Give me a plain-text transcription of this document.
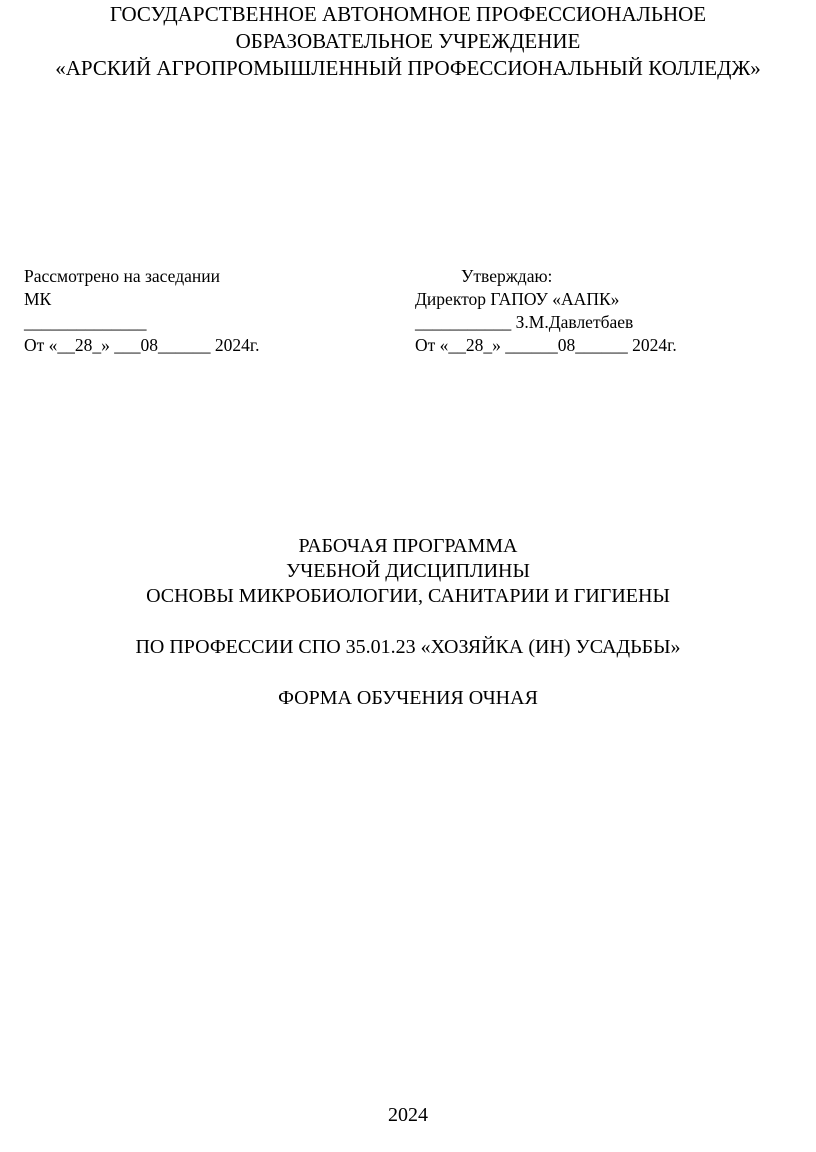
ГОСУДАРСТВЕННОЕ АВТОНОМНОЕ ПРОФЕССИОНАЛЬНОЕ
ОБРАЗОВАТЕЛЬНОЕ УЧРЕЖДЕНИЕ
«АРСКИЙ АГРОПРОМЫШЛЕННЫЙ ПРОФЕССИОНАЛЬНЫЙ КОЛЛЕДЖ»
Рассмотрено на заседании
МК
______________
От «__28_» ___08______ 2024г.
Утверждаю:
Директор ГАПОУ «ААПК»
___________ З.М.Давлетбаев
От «__28_» ______08______ 2024г.
РАБОЧАЯ ПРОГРАММА
УЧЕБНОЙ ДИСЦИПЛИНЫ
ОСНОВЫ МИКРОБИОЛОГИИ, САНИТАРИИ И ГИГИЕНЫ
ПО ПРОФЕССИИ СПО 35.01.23 «ХОЗЯЙКА (ИН) УСАДЬБЫ»
ФОРМА ОБУЧЕНИЯ ОЧНАЯ
2024
